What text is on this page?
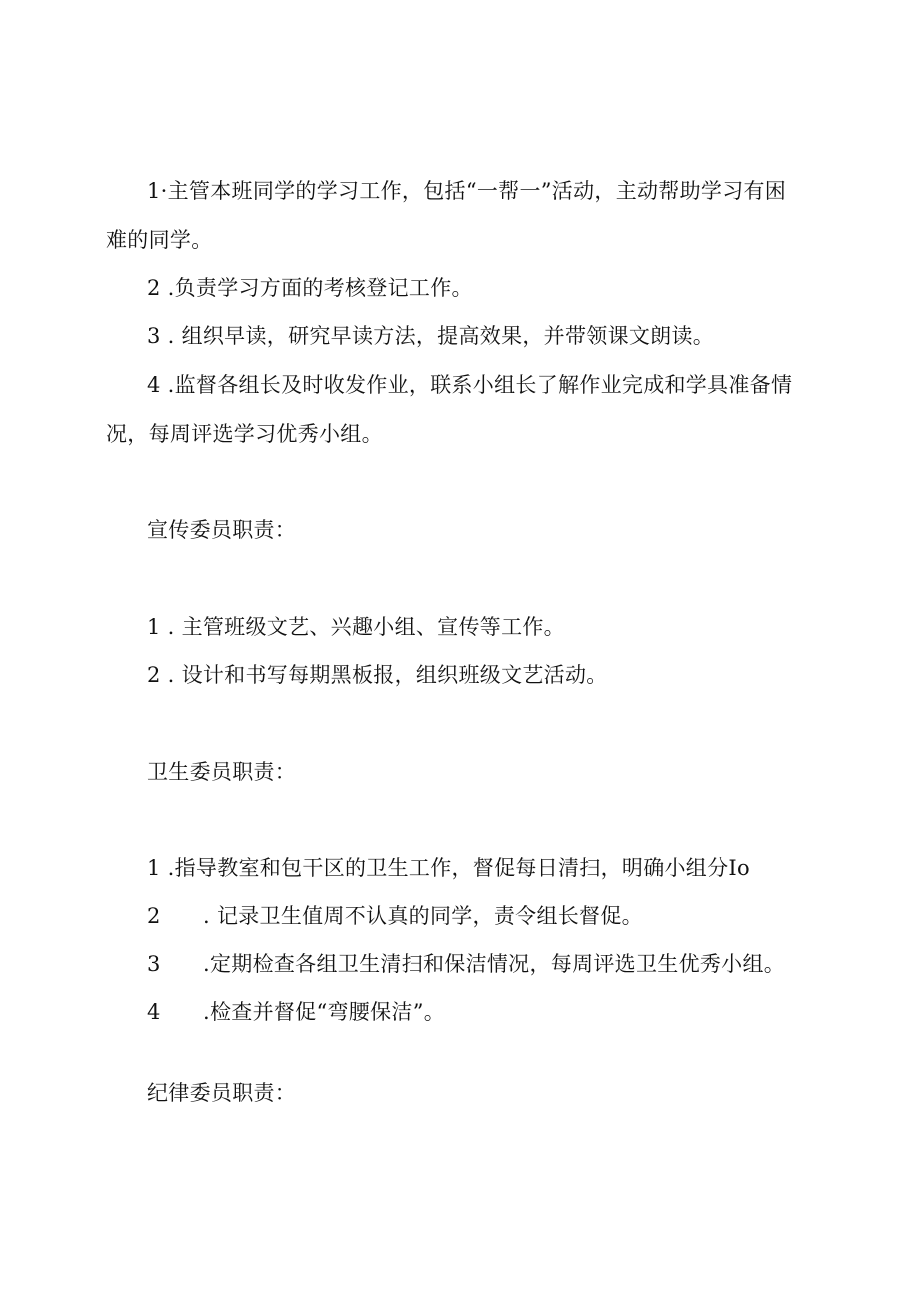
1·主管本班同学的学习工作，包括“一帮一”活动，主动帮助学习有困
难的同学。
2 .负责学习方面的考核登记工作。
3 . 组织早读，研究早读方法，提高效果，并带领课文朗读。
4 .监督各组长及时收发作业，联系小组长了解作业完成和学具准备情
况，每周评选学习优秀小组。
宣传委员职责：
1 . 主管班级文艺、兴趣小组、宣传等工作。
2 . 设计和书写每期黑板报，组织班级文艺活动。
卫生委员职责：
1 .指导教室和包干区的卫生工作，督促每日清扫，明确小组分Io
2 . 记录卫生值周不认真的同学，责令组长督促。
3 .定期检查各组卫生清扫和保洁情况，每周评选卫生优秀小组。
4 .检查并督促“弯腰保洁”。
纪律委员职责：
